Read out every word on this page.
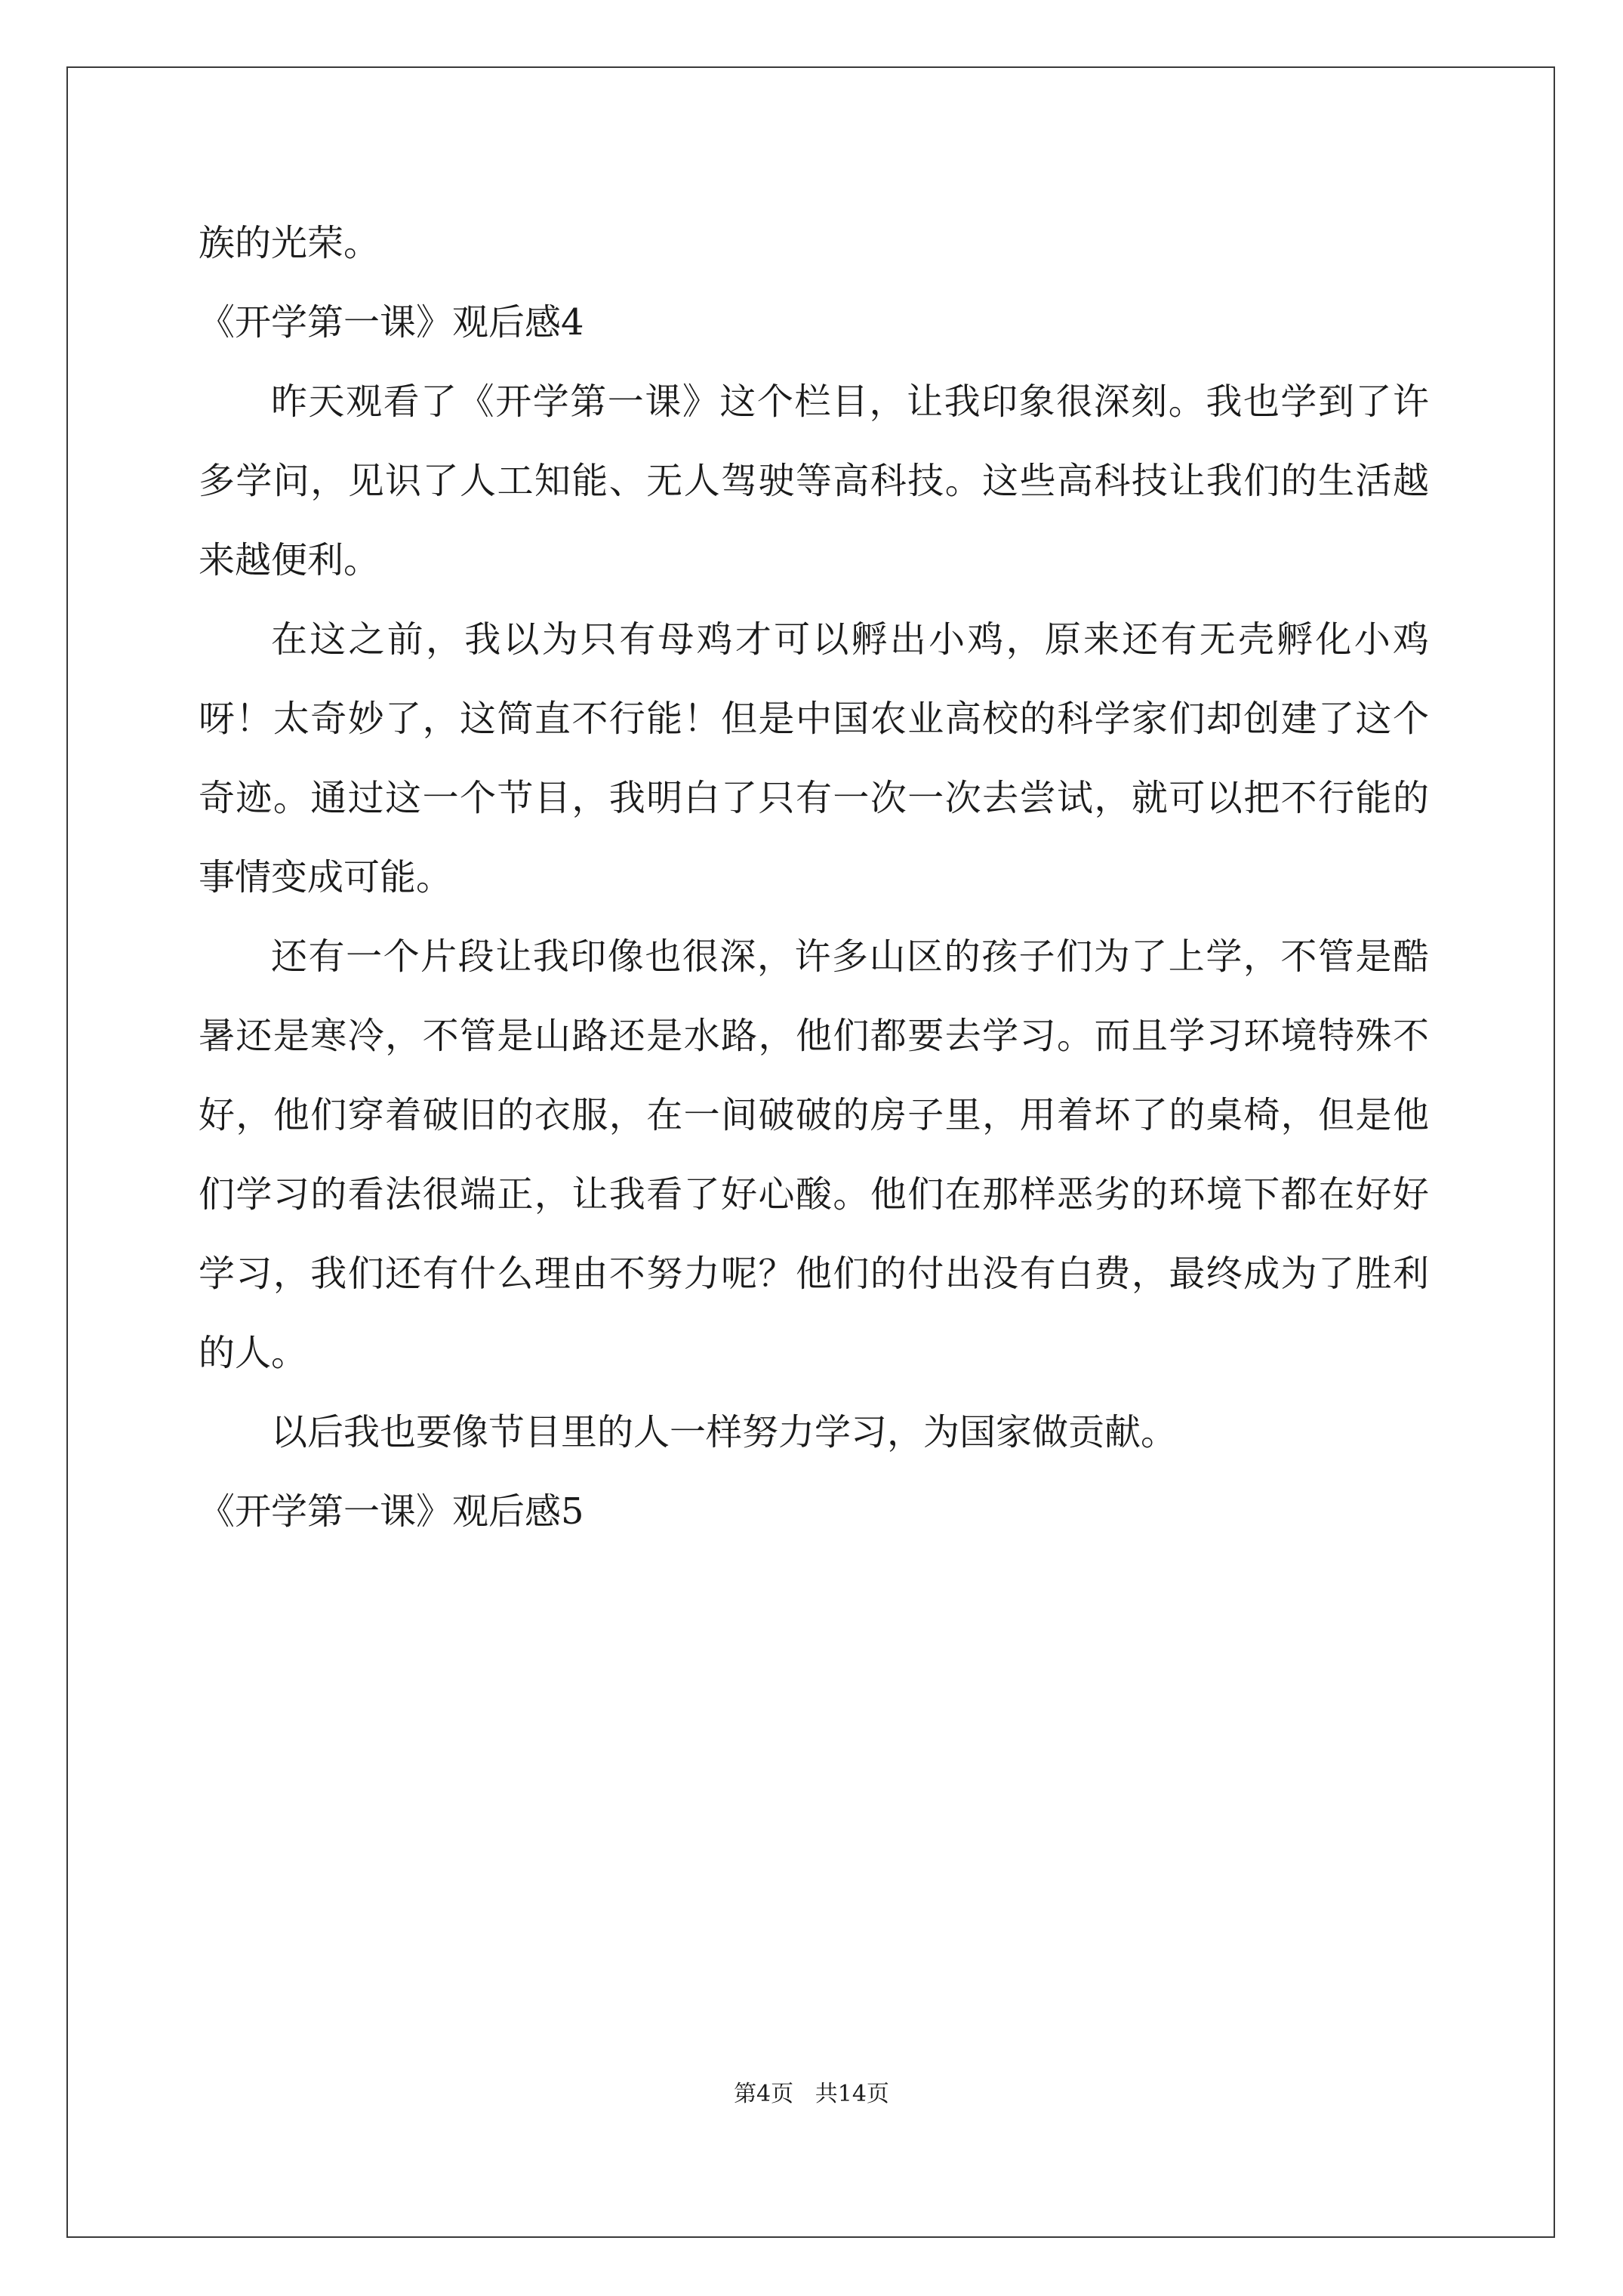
族的光荣。

《开学第一课》观后感4

昨天观看了《开学第一课》这个栏目，让我印象很深刻。我也学到了许多学问，见识了人工知能、无人驾驶等高科技。这些高科技让我们的生活越来越便利。

在这之前，我以为只有母鸡才可以孵出小鸡，原来还有无壳孵化小鸡呀！太奇妙了，这简直不行能！但是中国农业高校的科学家们却创建了这个奇迹。通过这一个节目，我明白了只有一次一次去尝试，就可以把不行能的事情变成可能。

还有一个片段让我印像也很深，许多山区的孩子们为了上学，不管是酷暑还是寒冷，不管是山路还是水路，他们都要去学习。而且学习环境特殊不好，他们穿着破旧的衣服，在一间破破的房子里，用着坏了的桌椅，但是他们学习的看法很端正，让我看了好心酸。他们在那样恶劣的环境下都在好好学习，我们还有什么理由不努力呢？他们的付出没有白费，最终成为了胜利的人。

以后我也要像节目里的人一样努力学习，为国家做贡献。

《开学第一课》观后感5

第4页   共14页
